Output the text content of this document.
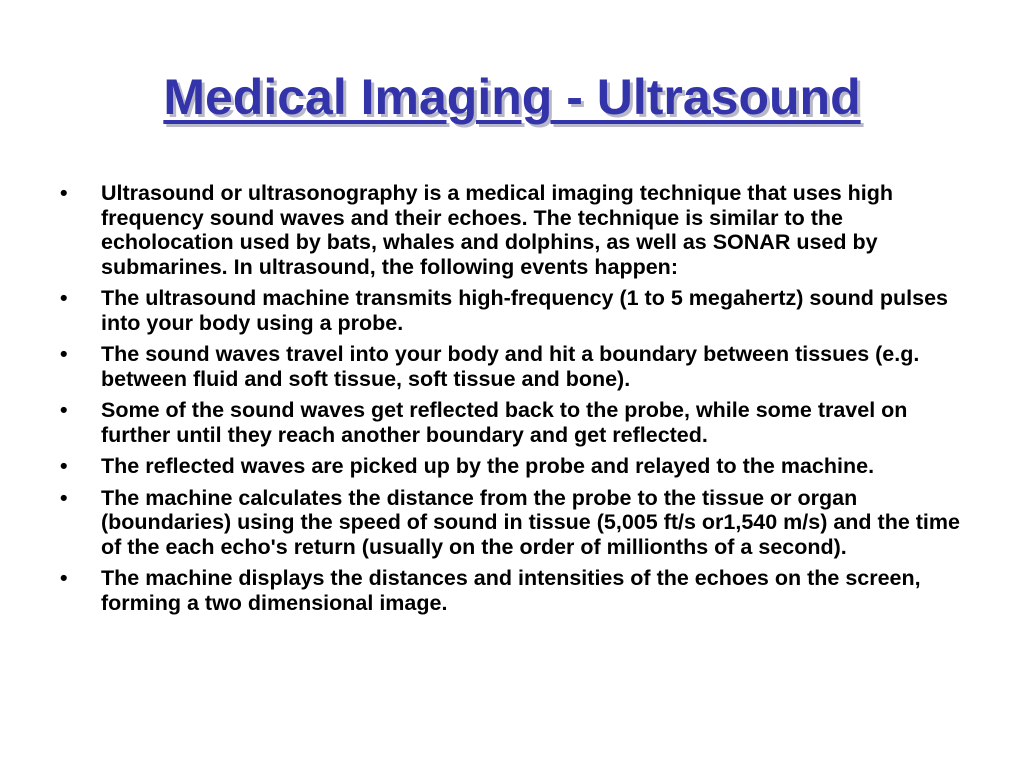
Medical Imaging - Ultrasound
•	Ultrasound or ultrasonography is a medical imaging technique that uses high frequency sound waves and their echoes. The technique is similar to the echolocation used by bats, whales and dolphins, as well as SONAR used by submarines. In ultrasound, the following events happen:
•	The ultrasound machine transmits high-frequency (1 to 5 megahertz) sound pulses into your body using a probe.
•	The sound waves travel into your body and hit a boundary between tissues (e.g. between fluid and soft tissue, soft tissue and bone).
•	Some of the sound waves get reflected back to the probe, while some travel on further until they reach another boundary and get reflected.
•	The reflected waves are picked up by the probe and relayed to the machine.
•	The machine calculates the distance from the probe to the tissue or organ (boundaries) using the speed of sound in tissue (5,005 ft/s or1,540 m/s) and the time of the each echo's return (usually on the order of millionths of a second).
•	The machine displays the distances and intensities of the echoes on the screen, forming a two dimensional image.
